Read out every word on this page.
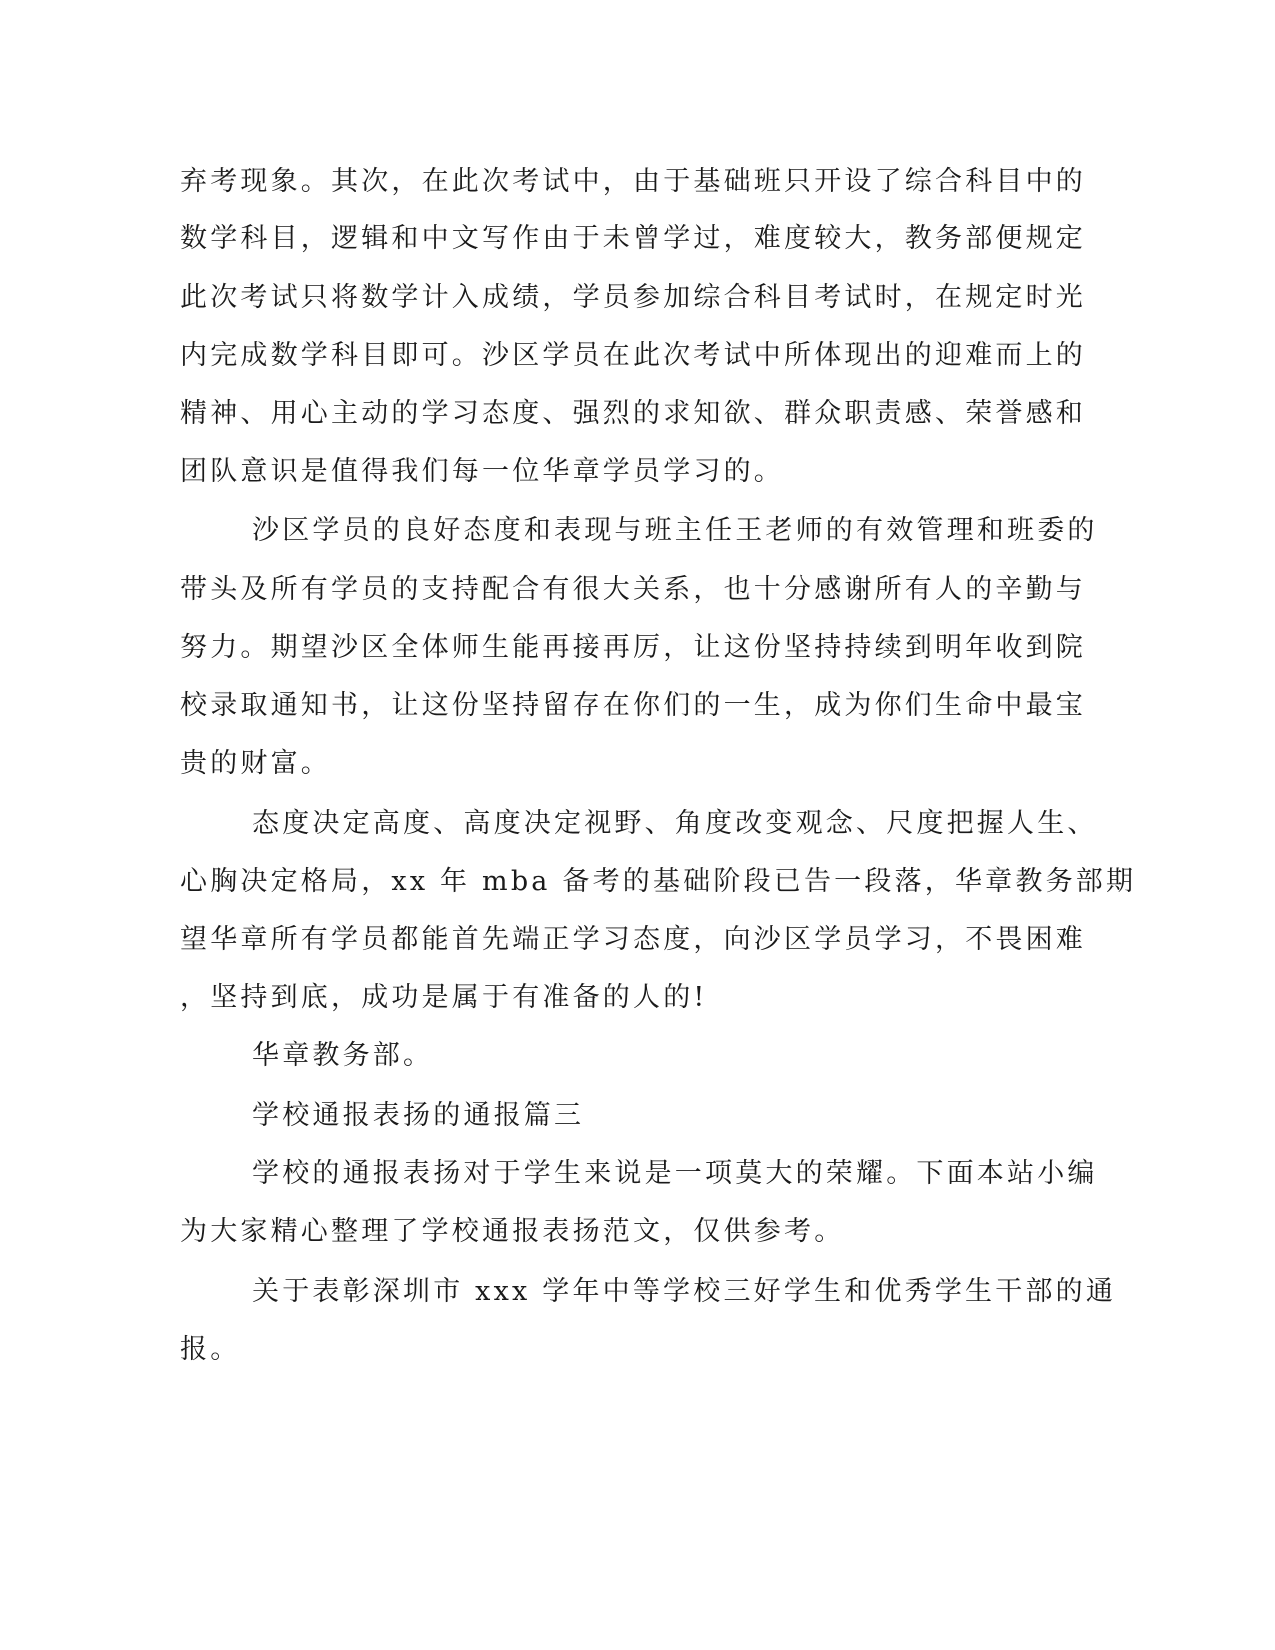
弃考现象。其次，在此次考试中，由于基础班只开设了综合科目中的
数学科目，逻辑和中文写作由于未曾学过，难度较大，教务部便规定
此次考试只将数学计入成绩，学员参加综合科目考试时，在规定时光
内完成数学科目即可。沙区学员在此次考试中所体现出的迎难而上的
精神、用心主动的学习态度、强烈的求知欲、群众职责感、荣誉感和
团队意识是值得我们每一位华章学员学习的。
沙区学员的良好态度和表现与班主任王老师的有效管理和班委的
带头及所有学员的支持配合有很大关系，也十分感谢所有人的辛勤与
努力。期望沙区全体师生能再接再厉，让这份坚持持续到明年收到院
校录取通知书，让这份坚持留存在你们的一生，成为你们生命中最宝
贵的财富。
态度决定高度、高度决定视野、角度改变观念、尺度把握人生、
心胸决定格局，xx 年 mba 备考的基础阶段已告一段落，华章教务部期
望华章所有学员都能首先端正学习态度，向沙区学员学习，不畏困难
，坚持到底，成功是属于有准备的人的!
华章教务部。
学校通报表扬的通报篇三
学校的通报表扬对于学生来说是一项莫大的荣耀。下面本站小编
为大家精心整理了学校通报表扬范文，仅供参考。
关于表彰深圳市 xxx 学年中等学校三好学生和优秀学生干部的通
报。
